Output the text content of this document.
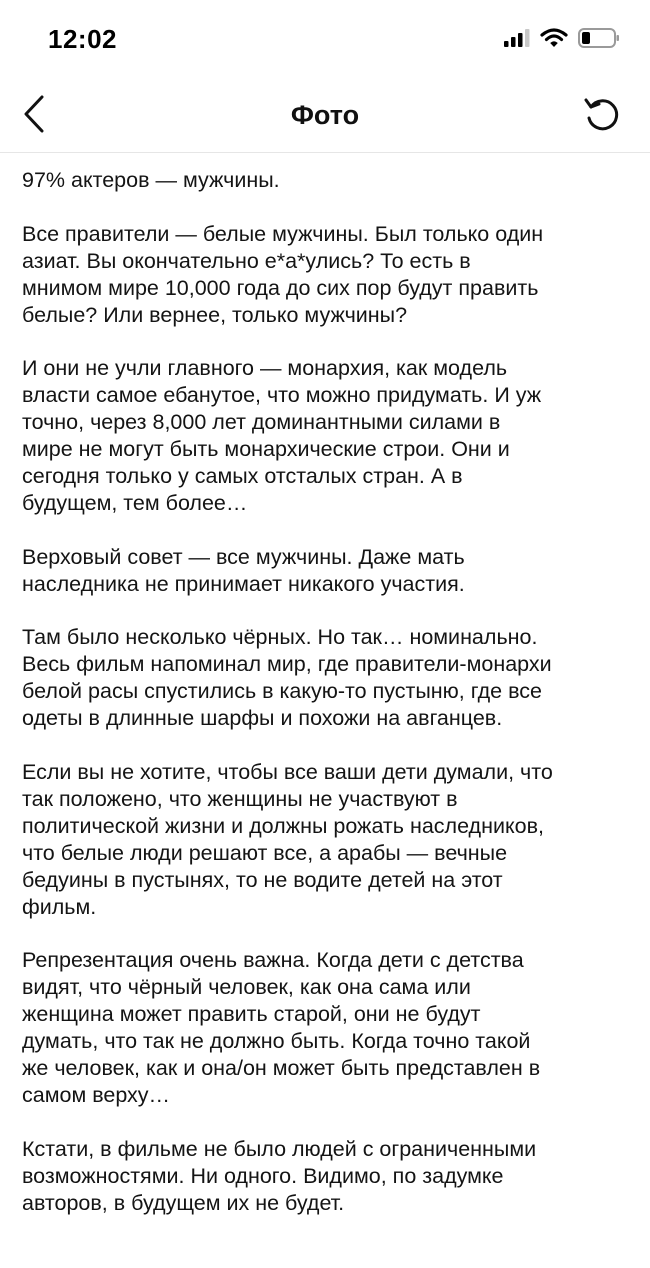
12:02
Фото

97% актеров — мужчины.

Все правители — белые мужчины. Был только один
азиат. Вы окончательно е*а*улись? То есть в
мнимом мире 10,000 года до сих пор будут править
белые? Или вернее, только мужчины?

И они не учли главного — монархия, как модель
власти самое ебанутое, что можно придумать. И уж
точно, через 8,000 лет доминантными силами в
мире не могут быть монархические строи. Они и
сегодня только у самых отсталых стран. А в
будущем, тем более…

Верховый совет — все мужчины. Даже мать
наследника не принимает никакого участия.

Там было несколько чёрных. Но так… номинально.
Весь фильм напоминал мир, где правители-монархи
белой расы спустились в какую-то пустыню, где все
одеты в длинные шарфы и похожи на авганцев.

Если вы не хотите, чтобы все ваши дети думали, что
так положено, что женщины не участвуют в
политической жизни и должны рожать наследников,
что белые люди решают все, а арабы — вечные
бедуины в пустынях, то не водите детей на этот
фильм.

Репрезентация очень важна. Когда дети с детства
видят, что чёрный человек, как она сама или
женщина может править старой, они не будут
думать, что так не должно быть. Когда точно такой
же человек, как и она/он может быть представлен в
самом верху…

Кстати, в фильме не было людей с ограниченными
возможностями. Ни одного. Видимо, по задумке
авторов, в будущем их не будет.
